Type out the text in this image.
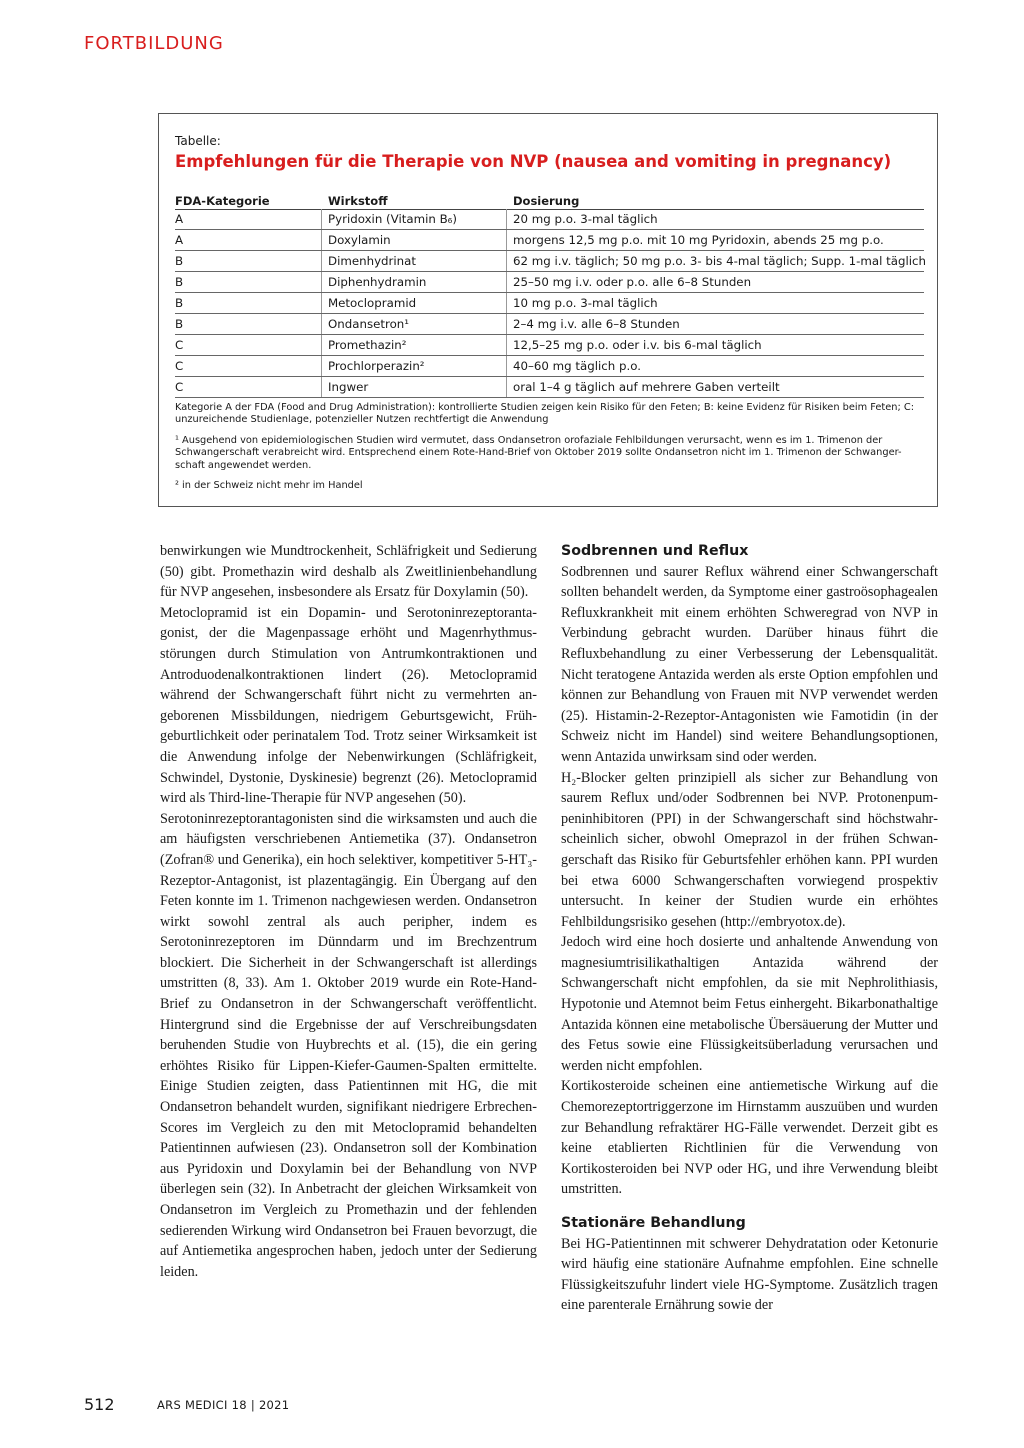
FORTBILDUNG
Tabelle:
Empfehlungen für die Therapie von NVP (nausea and vomiting in pregnancy)
FDA-Kategorie	Wirkstoff	Dosierung
A	Pyridoxin (Vitamin B₆)	20 mg p.o. 3-mal täglich
A	Doxylamin	morgens 12,5 mg p.o. mit 10 mg Pyridoxin, abends 25 mg p.o.
B	Dimenhydrinat	62 mg i.v. täglich; 50 mg p.o. 3- bis 4-mal täglich; Supp. 1-mal täglich
B	Diphenhydramin	25–50 mg i.v. oder p.o. alle 6–8 Stunden
B	Metoclopramid	10 mg p.o. 3-mal täglich
B	Ondansetron¹	2–4 mg i.v. alle 6–8 Stunden
C	Promethazin²	12,5–25 mg p.o. oder i.v. bis 6-mal täglich
C	Prochlorperazin²	40–60 mg täglich p.o.
C	Ingwer	oral 1–4 g täglich auf mehrere Gaben verteilt
Kategorie A der FDA (Food and Drug Administration): kontrollierte Studien zeigen kein Risiko für den Feten; B: keine Evidenz für Risiken beim Feten; C: unzureichende Studienlage, potenzieller Nutzen rechtfertigt die Anwendung
¹ Ausgehend von epidemiologischen Studien wird vermutet, dass Ondansetron orofaziale Fehlbildungen verursacht, wenn es im 1. Trimenon der Schwangerschaft verabreicht wird. Entsprechend einem Rote-Hand-Brief von Oktober 2019 sollte Ondansetron nicht im 1. Trimenon der Schwanger-schaft angewendet werden.
² in der Schweiz nicht mehr im Handel

benwirkungen wie Mundtrockenheit, Schläfrigkeit und Sedierung (50) gibt. Promethazin wird deshalb als Zweitlinienbehandlung für NVP angesehen, insbesondere als Ersatz für Doxylamin (50).

Metoclopramid ist ein Dopamin- und Serotoninrezeptorantagonist, der die Magenpassage erhöht und Magenrhythmusstörungen durch Stimulation von Antrumkontraktionen und Antroduodenalkontraktionen lindert (26). Metoclopramid während der Schwangerschaft führt nicht zu vermehrten angeborenen Missbildungen, niedrigem Geburtsgewicht, Frühgeburtlichkeit oder perinatalem Tod. Trotz seiner Wirksamkeit ist die Anwendung infolge der Nebenwirkungen (Schläfrigkeit, Schwindel, Dystonie, Dyskinesie) begrenzt (26). Metoclopramid wird als Third-line-Therapie für NVP angesehen (50).

Serotoninrezeptorantagonisten sind die wirksamsten und auch die am häufigsten verschriebenen Antiemetika (37). Ondansetron (Zofran® und Generika), ein hoch selektiver, kompetitiver 5-HT₃-Rezeptor-Antagonist, ist plazentagängig. Ein Übergang auf den Feten konnte im 1. Trimenon nachgewiesen werden. Ondansetron wirkt sowohl zentral als auch peripher, indem es Serotoninrezeptoren im Dünndarm und im Brechzentrum blockiert. Die Sicherheit in der Schwangerschaft ist allerdings umstritten (8, 33). Am 1. Oktober 2019 wurde ein Rote-Hand-Brief zu Ondansetron in der Schwangerschaft veröffentlicht. Hintergrund sind die Ergebnisse der auf Verschreibungsdaten beruhenden Studie von Huybrechts et al. (15), die ein gering erhöhtes Risiko für Lippen-Kiefer-Gaumen-Spalten ermittelte. Einige Studien zeigten, dass Patientinnen mit HG, die mit Ondansetron behandelt wurden, signifikant niedrigere Erbrechen-Scores im Vergleich zu den mit Metoclopramid behandelten Patientinnen aufwiesen (23). Ondansetron soll der Kombination aus Pyridoxin und Doxylamin bei der Behandlung von NVP überlegen sein (32). In Anbetracht der gleichen Wirksamkeit von Ondansetron im Vergleich zu Promethazin und der fehlenden sedierenden Wirkung wird Ondansetron bei Frauen bevorzugt, die auf Antiemetika angesprochen haben, jedoch unter der Sedierung leiden.

Sodbrennen und Reflux

Sodbrennen und saurer Reflux während einer Schwangerschaft sollten behandelt werden, da Symptome einer gastroösophagealen Refluxkrankheit mit einem erhöhten Schweregrad von NVP in Verbindung gebracht wurden. Darüber hinaus führt die Refluxbehandlung zu einer Verbesserung der Lebensqualität. Nicht teratogene Antazida werden als erste Option empfohlen und können zur Behandlung von Frauen mit NVP verwendet werden (25). Histamin-2-Rezeptor-Antagonisten wie Famotidin (in der Schweiz nicht im Handel) sind weitere Behandlungsoptionen, wenn Antazida unwirksam sind oder werden.

H₂-Blocker gelten prinzipiell als sicher zur Behandlung von saurem Reflux und/oder Sodbrennen bei NVP. Protonenpumpeninhibitoren (PPI) in der Schwangerschaft sind höchstwahrscheinlich sicher, obwohl Omeprazol in der frühen Schwangerschaft das Risiko für Geburtsfehler erhöhen kann. PPI wurden bei etwa 6000 Schwangerschaften vorwiegend prospektiv untersucht. In keiner der Studien wurde ein erhöhtes Fehlbildungsrisiko gesehen (http://embryotox.de).

Jedoch wird eine hoch dosierte und anhaltende Anwendung von magnesiumtrisilikathaltigen Antazida während der Schwangerschaft nicht empfohlen, da sie mit Nephrolithiasis, Hypotonie und Atemnot beim Fetus einhergeht. Bikarbonathaltige Antazida können eine metabolische Übersäuerung der Mutter und des Fetus sowie eine Flüssigkeitsüberladung verursachen und werden nicht empfohlen.

Kortikosteroide scheinen eine antiemetische Wirkung auf die Chemorezeptortriggerzone im Hirnstamm auszuüben und wurden zur Behandlung refraktärer HG-Fälle verwendet. Derzeit gibt es keine etablierten Richtlinien für die Verwendung von Kortikosteroiden bei NVP oder HG, und ihre Verwendung bleibt umstritten.

Stationäre Behandlung

Bei HG-Patientinnen mit schwerer Dehydratation oder Ketonurie wird häufig eine stationäre Aufnahme empfohlen. Eine schnelle Flüssigkeitszufuhr lindert viele HG-Symptome. Zusätzlich tragen eine parenterale Ernährung sowie der

512	ARS MEDICI 18 | 2021
